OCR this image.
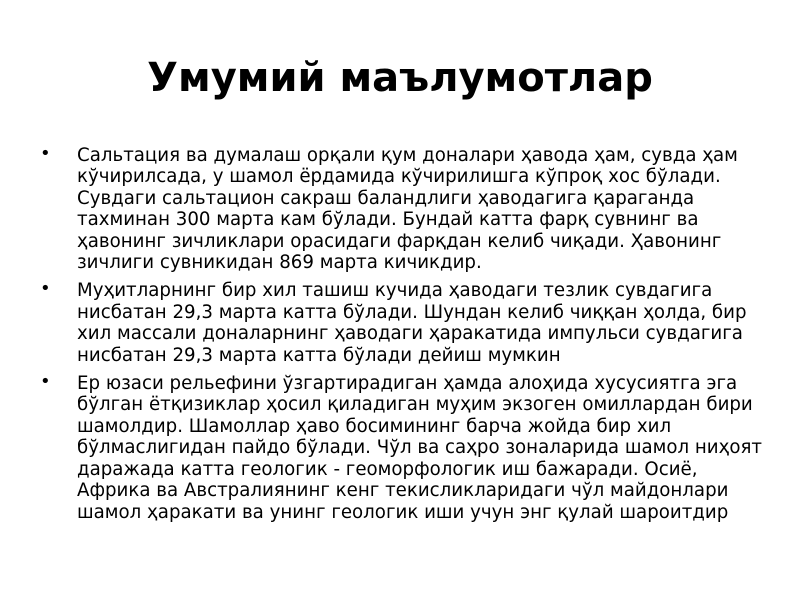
Умумий маълумотлар
• Сальтация ва думалаш орқали қум доналари ҳавода ҳам, сувда ҳам кўчирилсада, у шамол ёрдамида кўчирилишга кўпроқ хос бўлади. Сувдаги сальтацион сакраш баландлиги ҳаводагига қараганда тахминан 300 марта кам бўлади. Бундай катта фарқ сувнинг ва ҳавонинг зичликлари орасидаги фарқдан келиб чиқади. Ҳавонинг зичлиги сувникидан 869 марта кичикдир.
• Муҳитларнинг бир хил ташиш кучида ҳаводаги тезлик сувдагига нисбатан 29,3 марта катта бўлади. Шундан келиб чиққан ҳолда, бир хил массали доналарнинг ҳаводаги ҳаракатида импульси сувдагига нисбатан 29,3 марта катта бўлади дейиш мумкин
• Ер юзаси рельефини ўзгартирадиган ҳамда алоҳида хусусиятга эга бўлган ётқизиклар ҳосил қиладиган муҳим экзоген омиллардан бири шамолдир. Шамоллар ҳаво босимининг барча жойда бир хил бўлмаслигидан пайдо бўлади. Чўл ва саҳро зоналарида шамол ниҳоят даражада катта геологик - геоморфологик иш бажаради. Осиё, Африка ва Австралиянинг кенг текисликларидаги чўл майдонлари шамол ҳаракати ва унинг геологик иши учун энг қулай шароитдир
